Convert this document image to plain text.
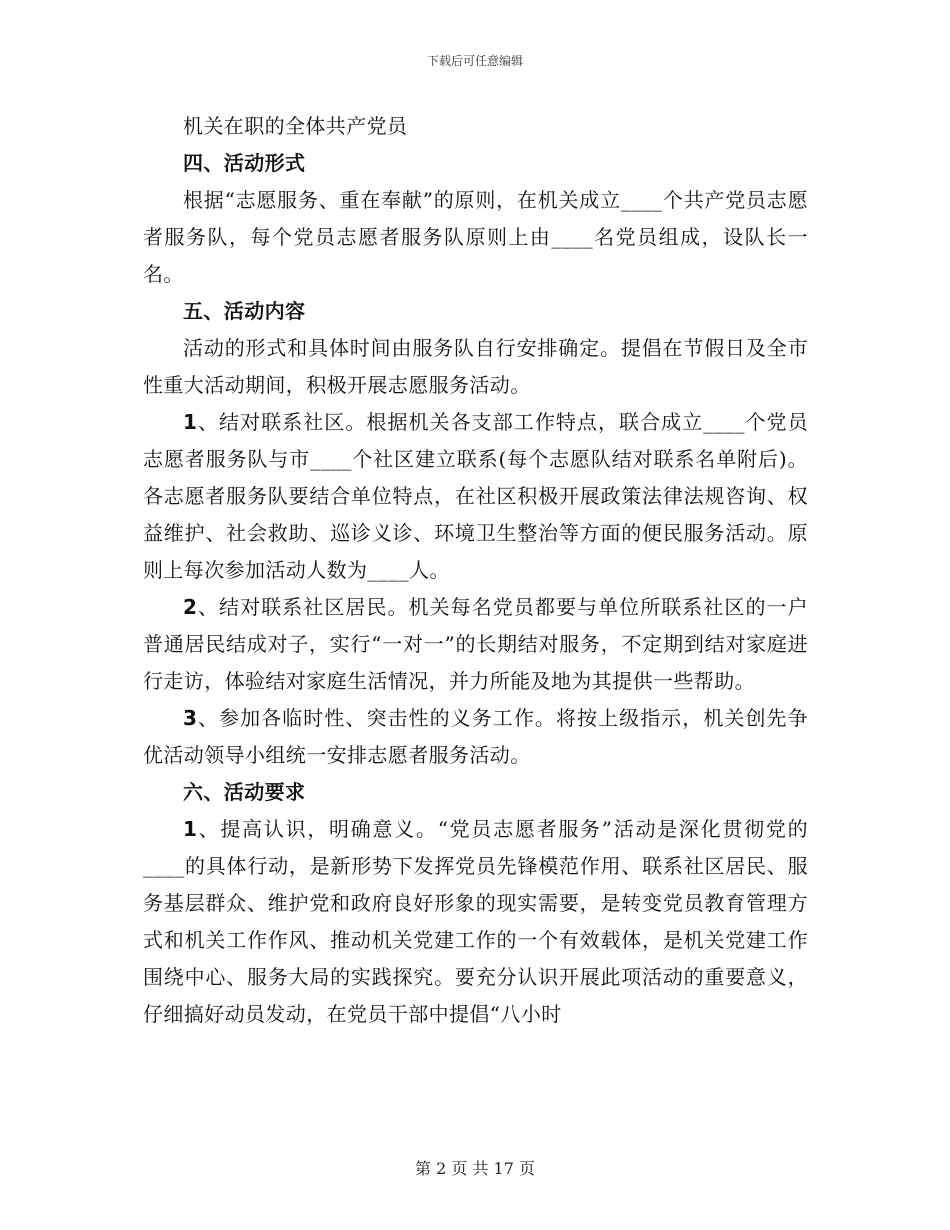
下载后可任意编辑

机关在职的全体共产党员

四、活动形式

根据“志愿服务、重在奉献”的原则，在机关成立____个共产党员志愿者服务队，每个党员志愿者服务队原则上由____名党员组成，设队长一名。

五、活动内容

活动的形式和具体时间由服务队自行安排确定。提倡在节假日及全市性重大活动期间，积极开展志愿服务活动。

1、结对联系社区。根据机关各支部工作特点，联合成立____个党员志愿者服务队与市____个社区建立联系(每个志愿队结对联系名单附后)。各志愿者服务队要结合单位特点，在社区积极开展政策法律法规咨询、权益维护、社会救助、巡诊义诊、环境卫生整治等方面的便民服务活动。原则上每次参加活动人数为____人。

2、结对联系社区居民。机关每名党员都要与单位所联系社区的一户普通居民结成对子，实行“一对一”的长期结对服务，不定期到结对家庭进行走访，体验结对家庭生活情况，并力所能及地为其提供一些帮助。

3、参加各临时性、突击性的义务工作。将按上级指示，机关创先争优活动领导小组统一安排志愿者服务活动。

六、活动要求

1、提高认识，明确意义。“党员志愿者服务”活动是深化贯彻党的____的具体行动，是新形势下发挥党员先锋模范作用、联系社区居民、服务基层群众、维护党和政府良好形象的现实需要，是转变党员教育管理方式和机关工作作风、推动机关党建工作的一个有效载体，是机关党建工作围绕中心、服务大局的实践探究。要充分认识开展此项活动的重要意义，仔细搞好动员发动，在党员干部中提倡“八小时

第 2 页 共 17 页
